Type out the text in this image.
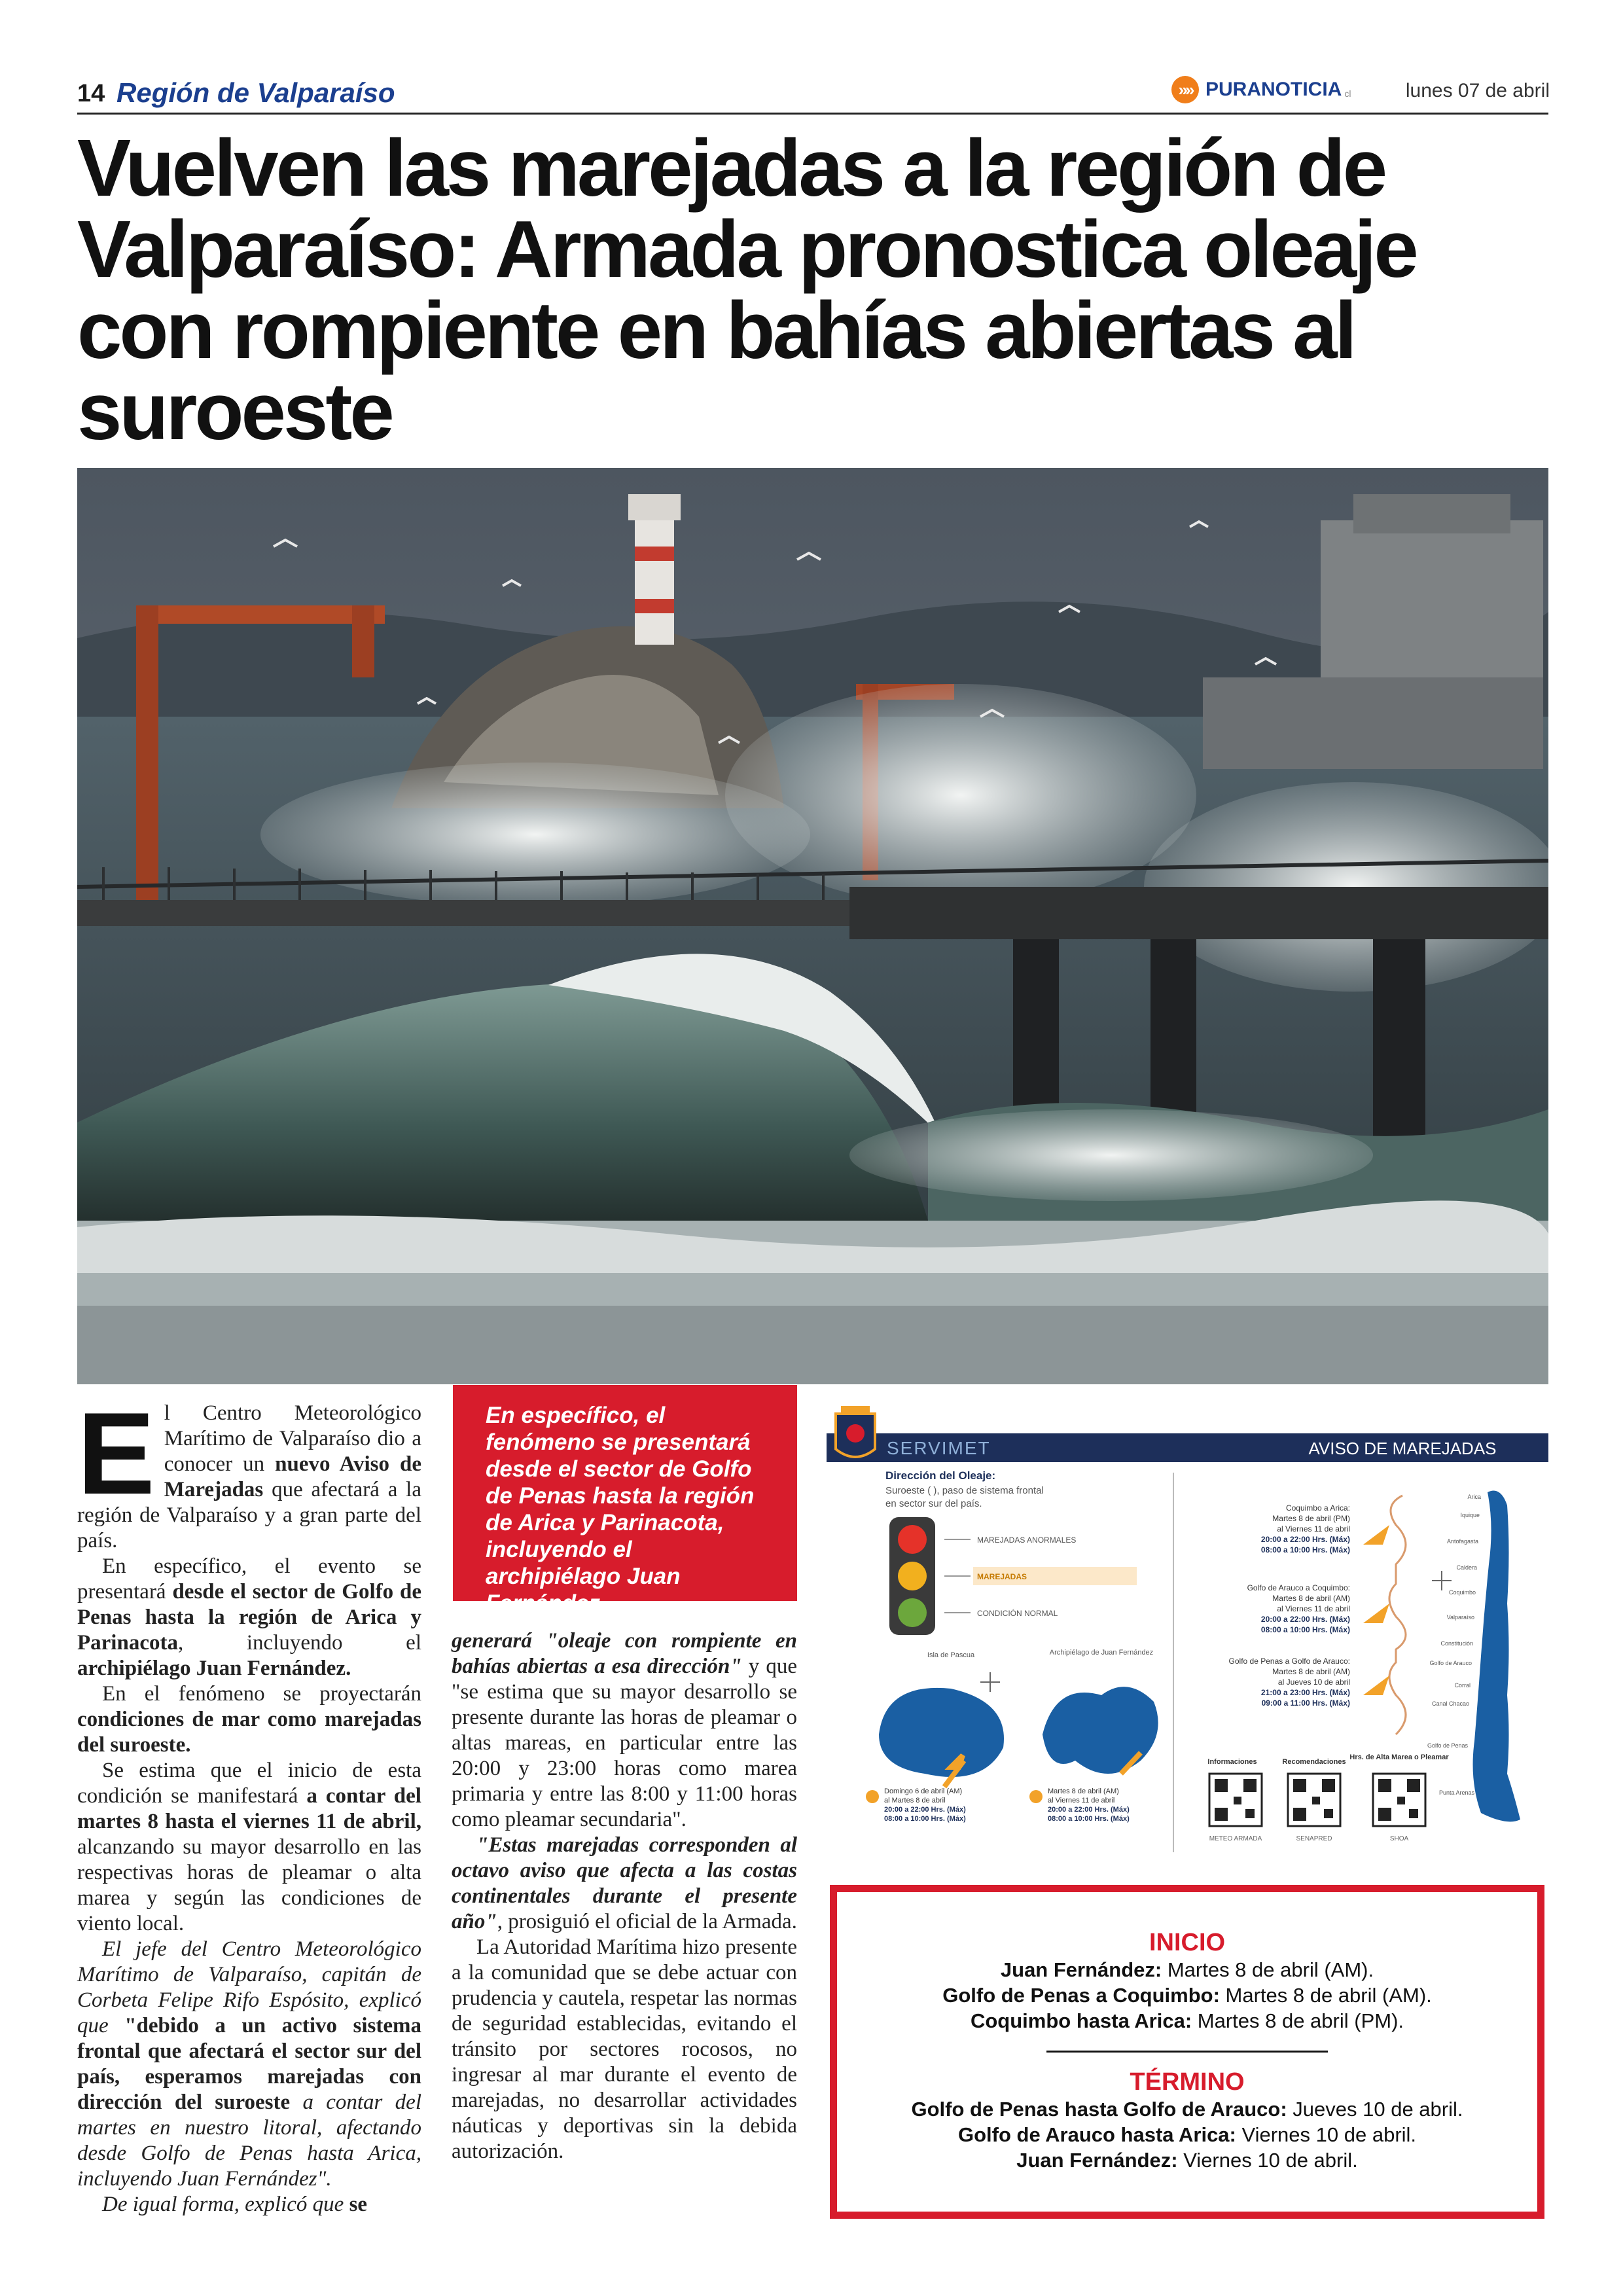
14 Región de Valparaíso	»» PURANOTICIA cl	lunes 07 de abril
Vuelven las marejadas a la región de Valparaíso: Armada pronostica oleaje con rompiente en bahías abiertas al suroeste
E l Centro Meteorológico Marítimo de Valparaíso dio a conocer un nuevo Aviso de Marejadas que afectará a la región de Valparaíso y a gran parte del país.

En específico, el evento se presentará desde el sector de Golfo de Penas hasta la región de Arica y Parinacota, incluyendo el archipiélago Juan Fernández.

En el fenómeno se proyectarán condiciones de mar como marejadas del suroeste.

Se estima que el inicio de esta condición se manifestará a contar del martes 8 hasta el viernes 11 de abril, alcanzando su mayor desarrollo en las respectivas horas de pleamar o alta marea y según las condiciones de viento local.

El jefe del Centro Meteorológico Marítimo de Valparaíso, capitán de Corbeta Felipe Rifo Espósito, explicó que "debido a un activo sistema frontal que afectará el sector sur del país, esperamos marejadas con dirección del suroeste a contar del martes en nuestro litoral, afectando desde Golfo de Penas hasta Arica, incluyendo Juan Fernández".

De igual forma, explicó que se

En específico, el fenómeno se presentará desde el sector de Golfo de Penas hasta la región de Arica y Parinacota, incluyendo el archipiélago Juan Fernández.

generará "oleaje con rompiente en bahías abiertas a esa dirección" y que "se estima que su mayor desarrollo se presente durante las horas de pleamar o altas mareas, en particular entre las 20:00 y 23:00 horas como marea primaria y entre las 8:00 y 11:00 horas como pleamar secundaria".

"Estas marejadas corresponden al octavo aviso que afecta a las costas continentales durante el presente año", prosiguió el oficial de la Armada.

La Autoridad Marítima hizo presente a la comunidad que se debe actuar con prudencia y cautela, respetar las normas de seguridad establecidas, evitando el tránsito por sectores rocosos, no ingresar al mar durante el evento de marejadas, no desarrollar actividades náuticas y deportivas sin la debida autorización.

SERVIMET	AVISO DE MAREJADAS
Dirección del Oleaje:
Suroeste ( ), paso de sistema frontal
en sector sur del país.
MAREJADAS ANORMALES
MAREJADAS
CONDICIÓN NORMAL
Isla de Pascua	Archipiélago de Juan Fernández
Domingo 6 de abril (AM)
al Martes 8 de abril
20:00 a 22:00 Hrs. (Máx)
08:00 a 10:00 Hrs. (Máx)
Martes 8 de abril (AM)
al Viernes 11 de abril
20:00 a 22:00 Hrs. (Máx)
08:00 a 10:00 Hrs. (Máx)
Coquimbo a Arica:
Martes 8 de abril (PM)
al Viernes 11 de abril
20:00 a 22:00 Hrs. (Máx)
08:00 a 10:00 Hrs. (Máx)
Golfo de Arauco a Coquimbo:
Martes 8 de abril (AM)
al Viernes 11 de abril
20:00 a 22:00 Hrs. (Máx)
08:00 a 10:00 Hrs. (Máx)
Golfo de Penas a Golfo de Arauco:
Martes 8 de abril (AM)
al Jueves 10 de abril
21:00 a 23:00 Hrs. (Máx)
09:00 a 11:00 Hrs. (Máx)
Arica
Iquique
Antofagasta
Caldera
Coquimbo
Valparaíso
Constitución
Golfo de Arauco
Corral
Canal Chacao
Golfo de Penas
Punta Arenas
Informaciones	Recomendaciones
Hrs. de Alta Marea o Pleamar
METEO ARMADA	SENAPRED	SHOA
INICIO
Juan Fernández: Martes 8 de abril (AM).
Golfo de Penas a Coquimbo: Martes 8 de abril (AM).
Coquimbo hasta Arica: Martes 8 de abril (PM).
TÉRMINO
Golfo de Penas hasta Golfo de Arauco: Jueves 10 de abril.
Golfo de Arauco hasta Arica: Viernes 10 de abril.
Juan Fernández: Viernes 10 de abril.
